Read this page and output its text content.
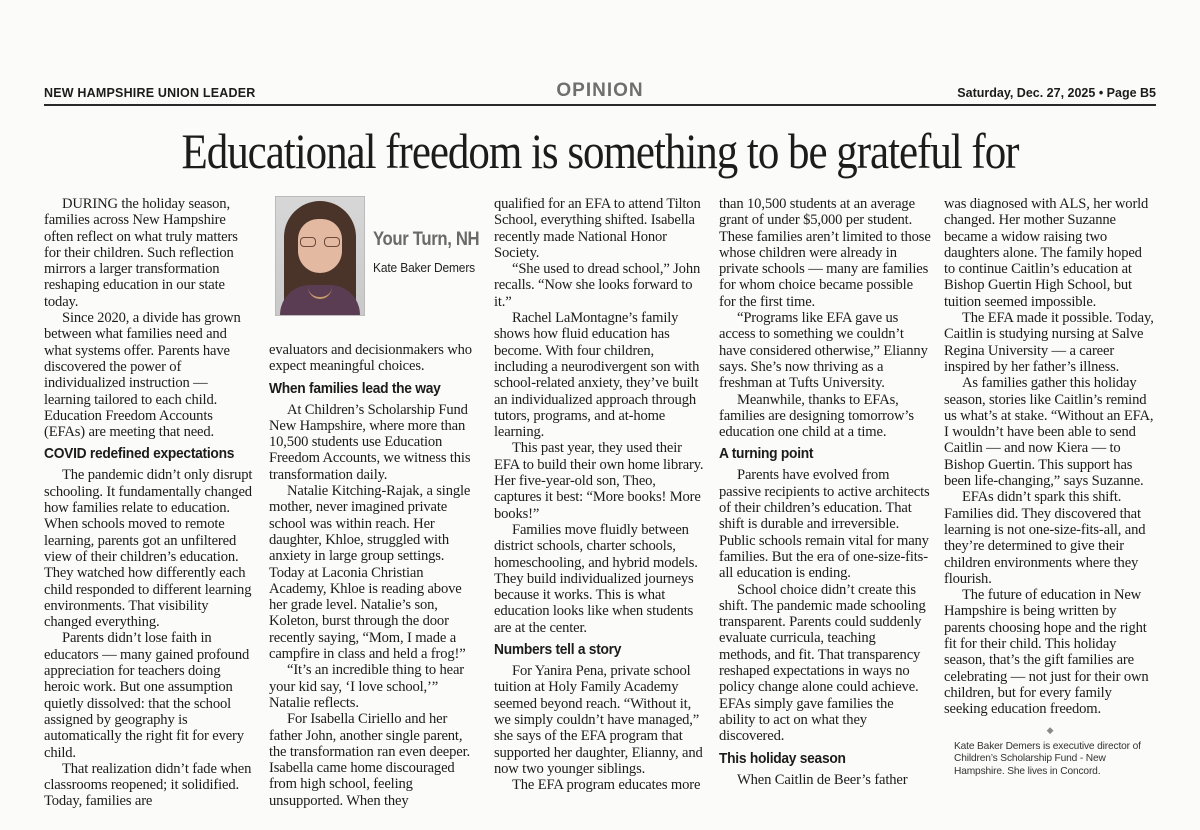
NEW HAMPSHIRE UNION LEADER	OPINION	Saturday, Dec. 27, 2025 • Page B5
Educational freedom is something to be grateful for

DURING the holiday season, families across New Hampshire often reflect on what truly matters for their children. Such reflection mirrors a larger transformation reshaping education in our state today.

Since 2020, a divide has grown between what families need and what systems offer. Parents have discovered the power of individualized instruction — learning tailored to each child. Education Freedom Accounts (EFAs) are meeting that need.

COVID redefined expectations

The pandemic didn’t only disrupt schooling. It fundamentally changed how families relate to education. When schools moved to remote learning, parents got an unfiltered view of their children’s education. They watched how differently each child responded to different learning environments. That visibility changed everything.

Parents didn’t lose faith in educators — many gained profound appreciation for teachers doing heroic work. But one assumption quietly dissolved: that the school assigned by geography is automatically the right fit for every child.

That realization didn’t fade when classrooms reopened; it solidified. Today, families are

Your Turn, NH
Kate Baker Demers

evaluators and decisionmakers who expect meaningful choices.

When families lead the way

At Children’s Scholarship Fund New Hampshire, where more than 10,500 students use Education Freedom Accounts, we witness this transformation daily.

Natalie Kitching-Rajak, a single mother, never imagined private school was within reach. Her daughter, Khloe, struggled with anxiety in large group settings. Today at Laconia Christian Academy, Khloe is reading above her grade level. Natalie’s son, Koleton, burst through the door recently saying, “Mom, I made a campfire in class and held a frog!”

“It’s an incredible thing to hear your kid say, ‘I love school,’” Natalie reflects.

For Isabella Ciriello and her father John, another single parent, the transformation ran even deeper. Isabella came home discouraged from high school, feeling unsupported. When they

qualified for an EFA to attend Tilton School, everything shifted. Isabella recently made National Honor Society.

“She used to dread school,” John recalls. “Now she looks forward to it.”

Rachel LaMontagne’s family shows how fluid education has become. With four children, including a neurodivergent son with school-related anxiety, they’ve built an individualized approach through tutors, programs, and at-home learning.

This past year, they used their EFA to build their own home library. Her five-year-old son, Theo, captures it best: “More books! More books!”

Families move fluidly between district schools, charter schools, homeschooling, and hybrid models. They build individualized journeys because it works. This is what education looks like when students are at the center.

Numbers tell a story

For Yanira Pena, private school tuition at Holy Family Academy seemed beyond reach. “Without it, we simply couldn’t have managed,” she says of the EFA program that supported her daughter, Elianny, and now two younger siblings.

The EFA program educates more

than 10,500 students at an average grant of under $5,000 per student. These families aren’t limited to those whose children were already in private schools — many are families for whom choice became possible for the first time.

“Programs like EFA gave us access to something we couldn’t have considered otherwise,” Elianny says. She’s now thriving as a freshman at Tufts University.

Meanwhile, thanks to EFAs, families are designing tomorrow’s education one child at a time.

A turning point

Parents have evolved from passive recipients to active architects of their children’s education. That shift is durable and irreversible. Public schools remain vital for many families. But the era of one-size-fits-all education is ending.

School choice didn’t create this shift. The pandemic made schooling transparent. Parents could suddenly evaluate curricula, teaching methods, and fit. That transparency reshaped expectations in ways no policy change alone could achieve. EFAs simply gave families the ability to act on what they discovered.

This holiday season

When Caitlin de Beer’s father

was diagnosed with ALS, her world changed. Her mother Suzanne became a widow raising two daughters alone. The family hoped to continue Caitlin’s education at Bishop Guertin High School, but tuition seemed impossible.

The EFA made it possible. Today, Caitlin is studying nursing at Salve Regina University — a career inspired by her father’s illness.

As families gather this holiday season, stories like Caitlin’s remind us what’s at stake. “Without an EFA, I wouldn’t have been able to send Caitlin — and now Kiera — to Bishop Guertin. This support has been life-changing,” says Suzanne.

EFAs didn’t spark this shift. Families did. They discovered that learning is not one-size-fits-all, and they’re determined to give their children environments where they flourish.

The future of education in New Hampshire is being written by parents choosing hope and the right fit for their child. This holiday season, that’s the gift families are celebrating — not just for their own children, but for every family seeking education freedom.

◆
Kate Baker Demers is executive director of Children’s Scholarship Fund - New Hampshire. She lives in Concord.
